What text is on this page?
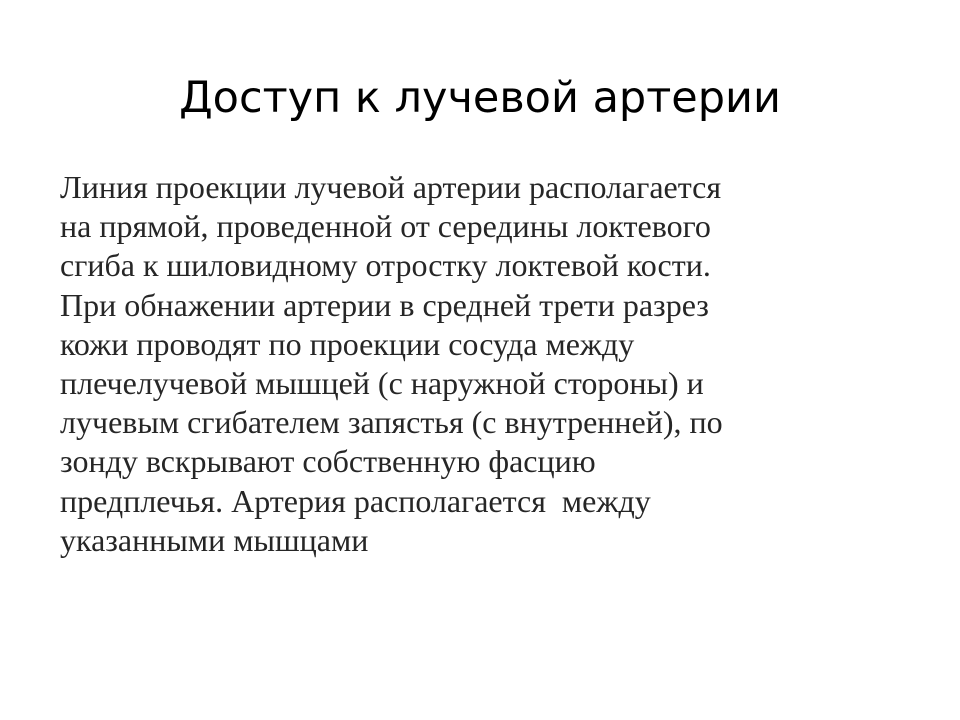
Доступ к лучевой артерии
Линия проекции лучевой артерии располагается
на прямой, проведенной от середины локтевого
сгиба к шиловидному отростку локтевой кости.
При обнажении артерии в средней трети разрез
кожи проводят по проекции сосуда между
плечелучевой мышцей (с наружной стороны) и
лучевым сгибателем запястья (с внутренней), по
зонду вскрывают собственную фасцию
предплечья. Артерия располагается  между
указанными мышцами
